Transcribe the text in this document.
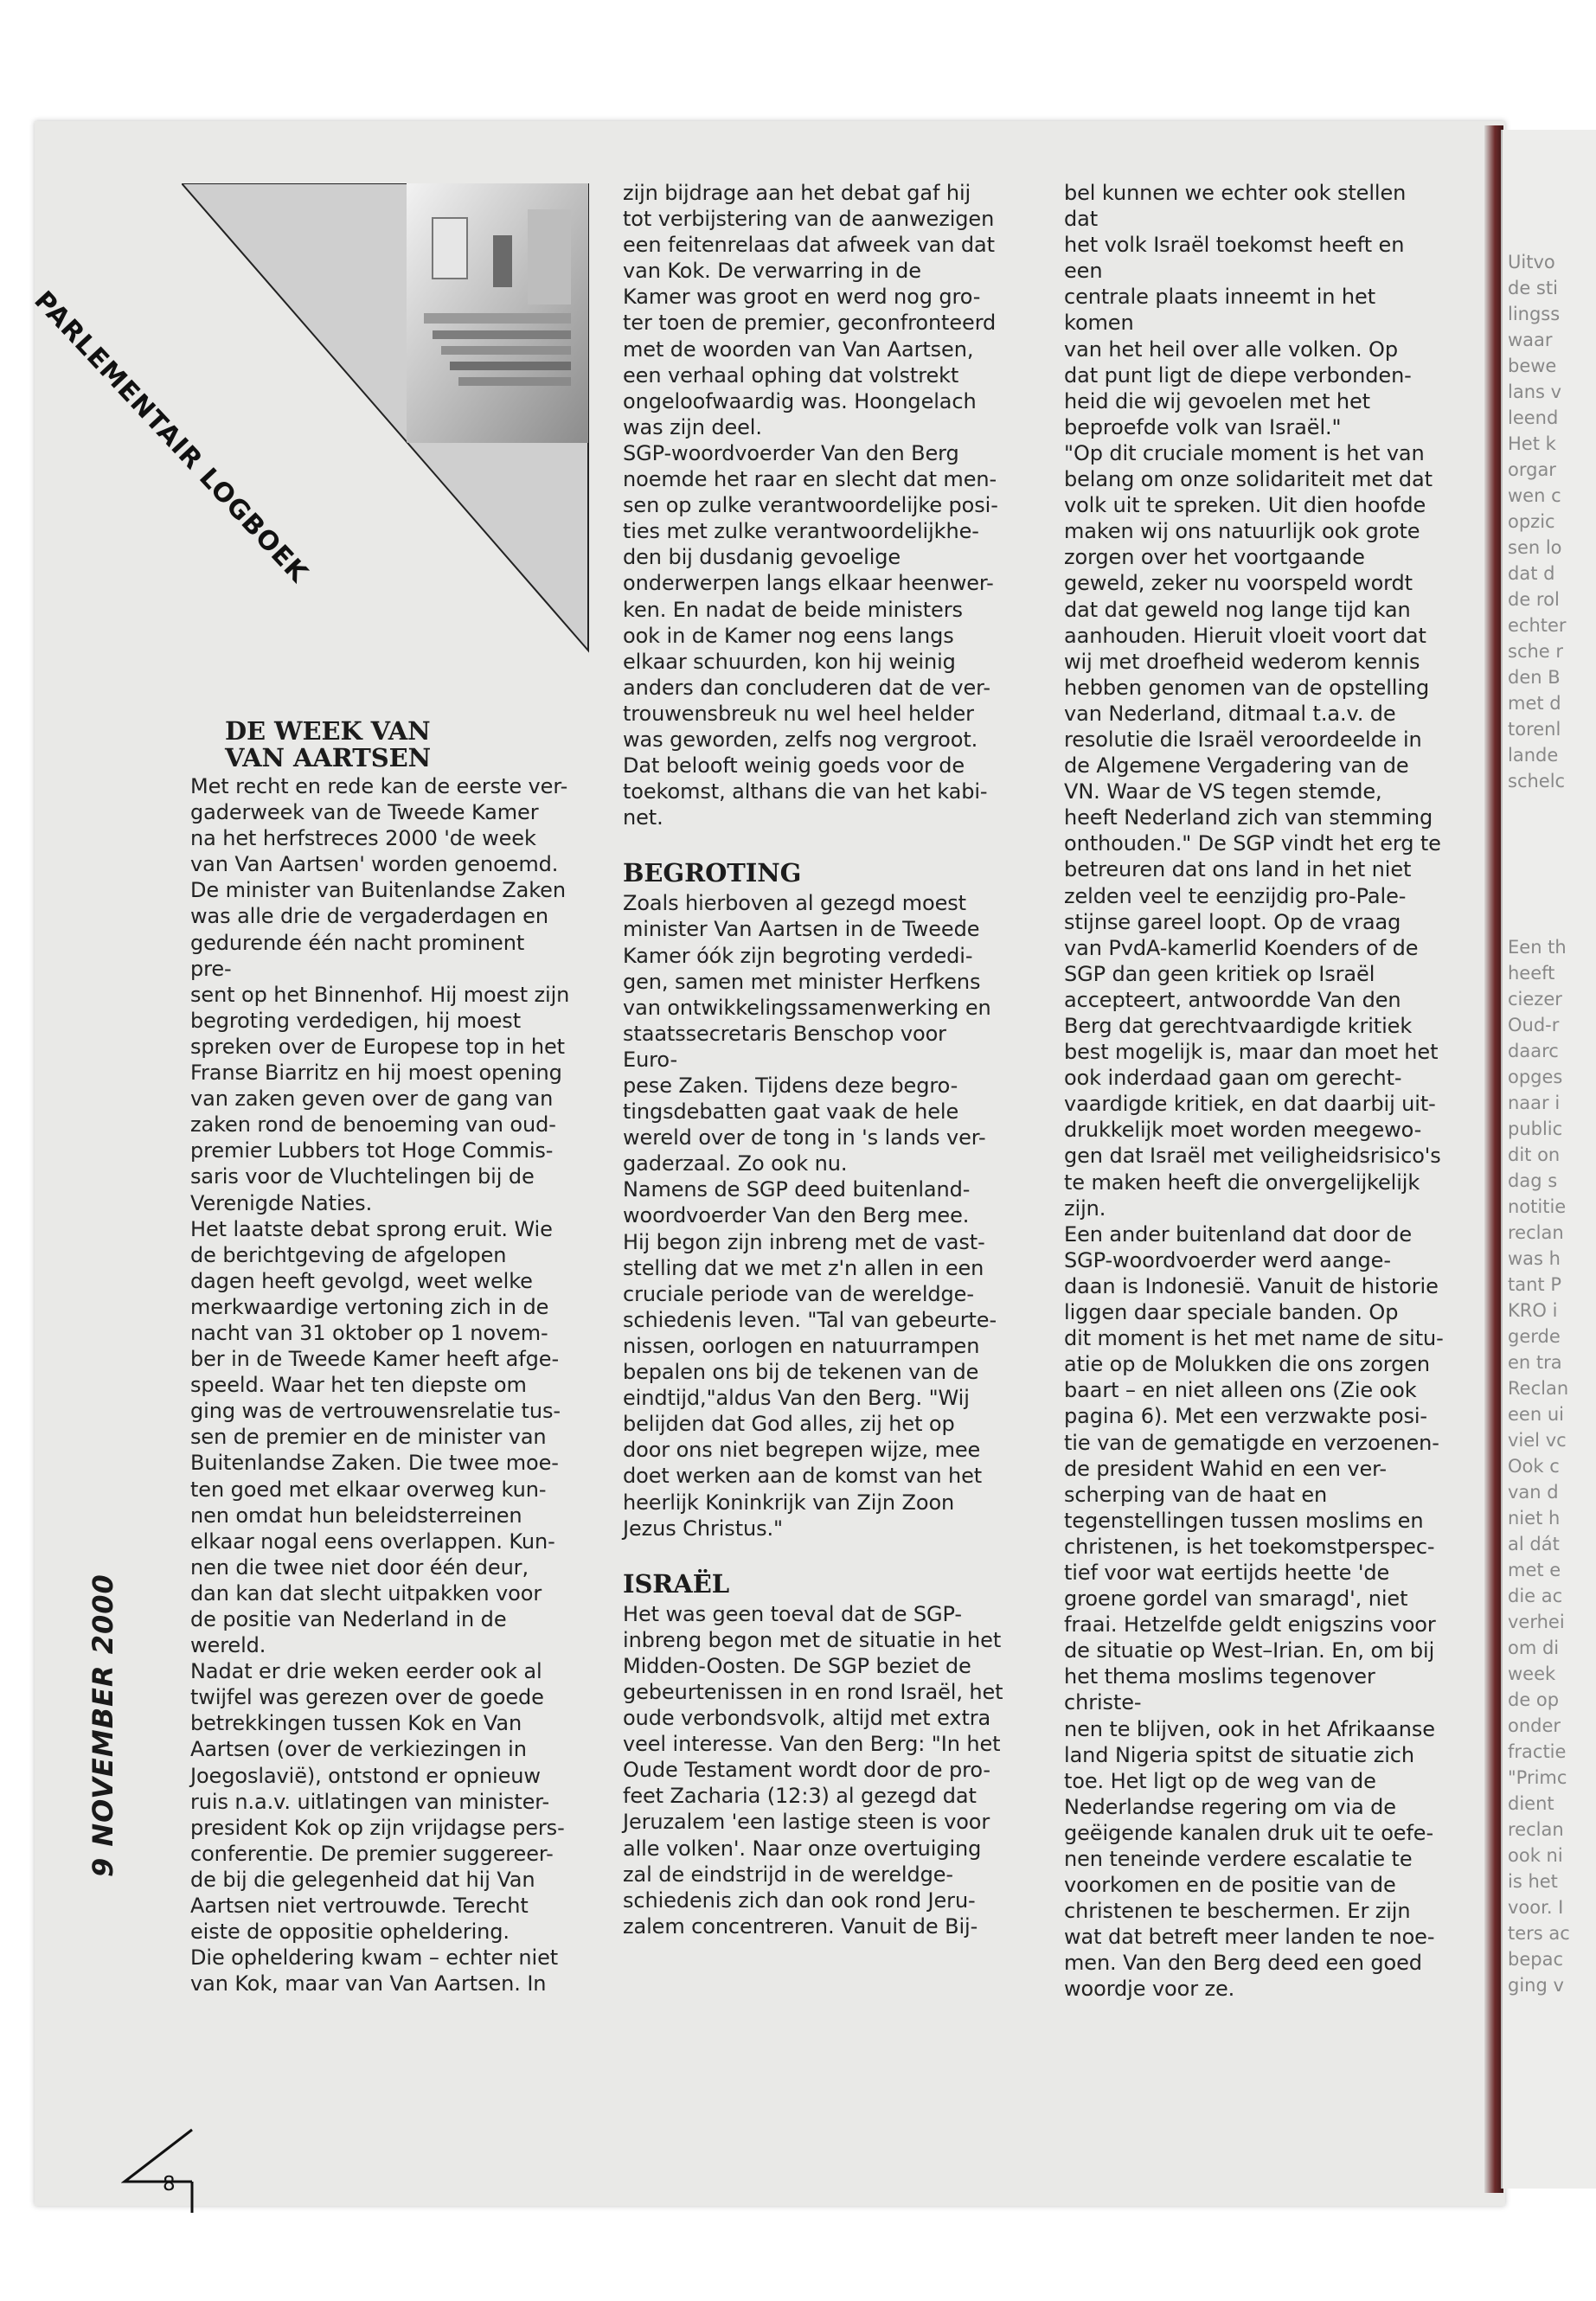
PARLEMENTAIR LOGBOEK

DE WEEK VAN VAN AARTSEN

Met recht en rede kan de eerste ver-

gaderweek van de Tweede Kamer

na het herfstreces 2000 'de week

van Van Aartsen' worden genoemd.

De minister van Buitenlandse Zaken

was alle drie de vergaderdagen en

gedurende één nacht prominent pre-

sent op het Binnenhof. Hij moest zijn

begroting verdedigen, hij moest

spreken over de Europese top in het

Franse Biarritz en hij moest opening

van zaken geven over de gang van

zaken rond de benoeming van oud-

premier Lubbers tot Hoge Commis-

saris voor de Vluchtelingen bij de

Verenigde Naties.

Het laatste debat sprong eruit. Wie

de berichtgeving de afgelopen

dagen heeft gevolgd, weet welke

merkwaardige vertoning zich in de

nacht van 31 oktober op 1 novem-

ber in de Tweede Kamer heeft afge-

speeld. Waar het ten diepste om

ging was de vertrouwensrelatie tus-

sen de premier en de minister van

Buitenlandse Zaken. Die twee moe-

ten goed met elkaar overweg kun-

nen omdat hun beleidsterreinen

elkaar nogal eens overlappen. Kun-

nen die twee niet door één deur,

dan kan dat slecht uitpakken voor

de positie van Nederland in de

wereld.

Nadat er drie weken eerder ook al

twijfel was gerezen over de goede

betrekkingen tussen Kok en Van

Aartsen (over de verkiezingen in

Joegoslavië), ontstond er opnieuw

ruis n.a.v. uitlatingen van minister-

president Kok op zijn vrijdagse pers-

conferentie. De premier suggereer-

de bij die gelegenheid dat hij Van

Aartsen niet vertrouwde. Terecht

eiste de oppositie opheldering.

Die opheldering kwam – echter niet

van Kok, maar van Van Aartsen. In

zijn bijdrage aan het debat gaf hij

tot verbijstering van de aanwezigen

een feitenrelaas dat afweek van dat

van Kok. De verwarring in de

Kamer was groot en werd nog gro-

ter toen de premier, geconfronteerd

met de woorden van Van Aartsen,

een verhaal ophing dat volstrekt

ongeloofwaardig was. Hoongelach

was zijn deel.

SGP-woordvoerder Van den Berg

noemde het raar en slecht dat men-

sen op zulke verantwoordelijke posi-

ties met zulke verantwoordelijkhe-

den bij dusdanig gevoelige

onderwerpen langs elkaar heenwer-

ken. En nadat de beide ministers

ook in de Kamer nog eens langs

elkaar schuurden, kon hij weinig

anders dan concluderen dat de ver-

trouwensbreuk nu wel heel helder

was geworden, zelfs nog vergroot.

Dat belooft weinig goeds voor de

toekomst, althans die van het kabi-

net.

BEGROTING

Zoals hierboven al gezegd moest

minister Van Aartsen in de Tweede

Kamer óók zijn begroting verdedi-

gen, samen met minister Herfkens

van ontwikkelingssamenwerking en

staatssecretaris Benschop voor Euro-

pese Zaken. Tijdens deze begro-

tingsdebatten gaat vaak de hele

wereld over de tong in 's lands ver-

gaderzaal. Zo ook nu.

Namens de SGP deed buitenland-

woordvoerder Van den Berg mee.

Hij begon zijn inbreng met de vast-

stelling dat we met z'n allen in een

cruciale periode van de wereldge-

schiedenis leven. "Tal van gebeurte-

nissen, oorlogen en natuurrampen

bepalen ons bij de tekenen van de

eindtijd,"aldus Van den Berg. "Wij

belijden dat God alles, zij het op

door ons niet begrepen wijze, mee

doet werken aan de komst van het

heerlijk Koninkrijk van Zijn Zoon

Jezus Christus."

ISRAËL

Het was geen toeval dat de SGP-

inbreng begon met de situatie in het

Midden-Oosten. De SGP beziet de

gebeurtenissen in en rond Israël, het

oude verbondsvolk, altijd met extra

veel interesse. Van den Berg: "In het

Oude Testament wordt door de pro-

feet Zacharia (12:3) al gezegd dat

Jeruzalem 'een lastige steen is voor

alle volken'. Naar onze overtuiging

zal de eindstrijd in de wereldge-

schiedenis zich dan ook rond Jeru-

zalem concentreren. Vanuit de Bij-

bel kunnen we echter ook stellen dat

het volk Israël toekomst heeft en een

centrale plaats inneemt in het komen

van het heil over alle volken. Op

dat punt ligt de diepe verbonden-

heid die wij gevoelen met het

beproefde volk van Israël."

"Op dit cruciale moment is het van

belang om onze solidariteit met dat

volk uit te spreken. Uit dien hoofde

maken wij ons natuurlijk ook grote

zorgen over het voortgaande

geweld, zeker nu voorspeld wordt

dat dat geweld nog lange tijd kan

aanhouden. Hieruit vloeit voort dat

wij met droefheid wederom kennis

hebben genomen van de opstelling

van Nederland, ditmaal t.a.v. de

resolutie die Israël veroordeelde in

de Algemene Vergadering van de

VN. Waar de VS tegen stemde,

heeft Nederland zich van stemming

onthouden." De SGP vindt het erg te

betreuren dat ons land in het niet

zelden veel te eenzijdig pro-Pale-

stijnse gareel loopt. Op de vraag

van PvdA-kamerlid Koenders of de

SGP dan geen kritiek op Israël

accepteert, antwoordde Van den

Berg dat gerechtvaardigde kritiek

best mogelijk is, maar dan moet het

ook inderdaad gaan om gerecht-

vaardigde kritiek, en dat daarbij uit-

drukkelijk moet worden meegewo-

gen dat Israël met veiligheidsrisico's

te maken heeft die onvergelijkelijk

zijn.

Een ander buitenland dat door de

SGP-woordvoerder werd aange-

daan is Indonesië. Vanuit de historie

liggen daar speciale banden. Op

dit moment is het met name de situ-

atie op de Molukken die ons zorgen

baart – en niet alleen ons (Zie ook

pagina 6). Met een verzwakte posi-

tie van de gematigde en verzoenen-

de president Wahid en een ver-

scherping van de haat en

tegenstellingen tussen moslims en

christenen, is het toekomstperspec-

tief voor wat eertijds heette 'de

groene gordel van smaragd', niet

fraai. Hetzelfde geldt enigszins voor

de situatie op West–Irian. En, om bij

het thema moslims tegenover christe-

nen te blijven, ook in het Afrikaanse

land Nigeria spitst de situatie zich

toe. Het ligt op de weg van de

Nederlandse regering om via de

geëigende kanalen druk uit te oefe-

nen teneinde verdere escalatie te

voorkomen en de positie van de

christenen te beschermen. Er zijn

wat dat betreft meer landen te noe-

men. Van den Berg deed een goed

woordje voor ze.

9 NOVEMBER 2000
8

Uitvo

de sti

lingss

waar

bewe

lans v

leend

Het k

orgar

wen c

opzic

sen lo

dat d

de rol

echter

sche r

den B

met d

torenl

lande

schelc

Een th

heeft

ciezer

Oud-r

daarc

opges

naar i

public

dit on

dag s

notitie

reclan

was h

tant P

KRO i

gerde

en tra

Reclan

een ui

viel vc

Ook c

van d

niet h

al dát

met e

die ac

verhei

om di

week

de op

onder

fractie

"Primc

dient

reclan

ook ni

is het

voor. I

ters ac

bepac

ging v
